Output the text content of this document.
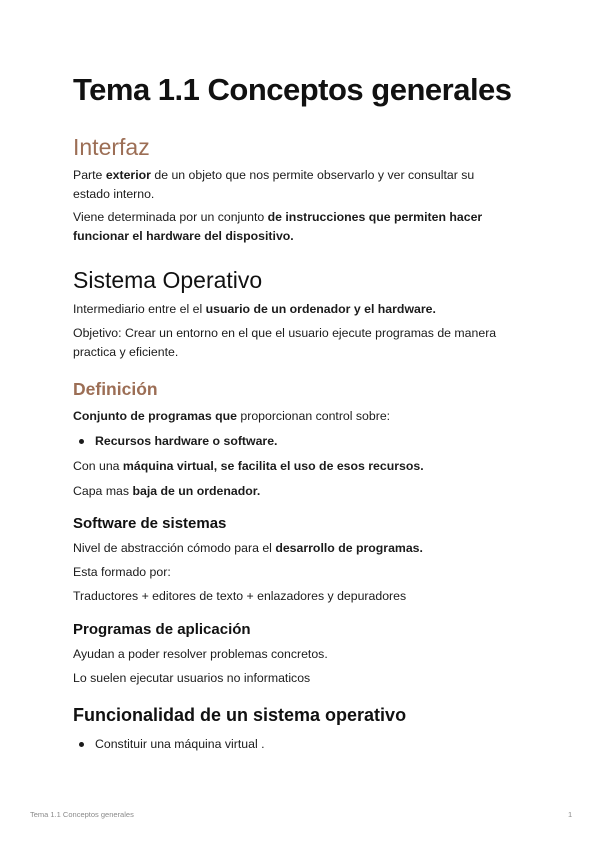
Tema 1.1 Conceptos generales
Interfaz

Parte exterior de un objeto que nos permite observarlo y ver consultar su estado interno.

Viene determinada por un conjunto de instrucciones que permiten hacer funcionar el hardware del dispositivo.

Sistema Operativo

Intermediario entre el el usuario de un ordenador y el hardware.

Objetivo: Crear un entorno en el que el usuario ejecute programas de manera practica y eficiente.

Definición

Conjunto de programas que proporcionan control sobre:

Recursos hardware o software.

Con una máquina virtual, se facilita el uso de esos recursos.

Capa mas baja de un ordenador.

Software de sistemas

Nivel de abstracción cómodo para el desarrollo de programas.

Esta formado por:

Traductores + editores de texto + enlazadores y depuradores

Programas de aplicación

Ayudan a poder resolver problemas concretos.

Lo suelen ejecutar usuarios no informaticos

Funcionalidad de un sistema operativo
Constituir una máquina virtual .
Tema 1.1 Conceptos generales	1
